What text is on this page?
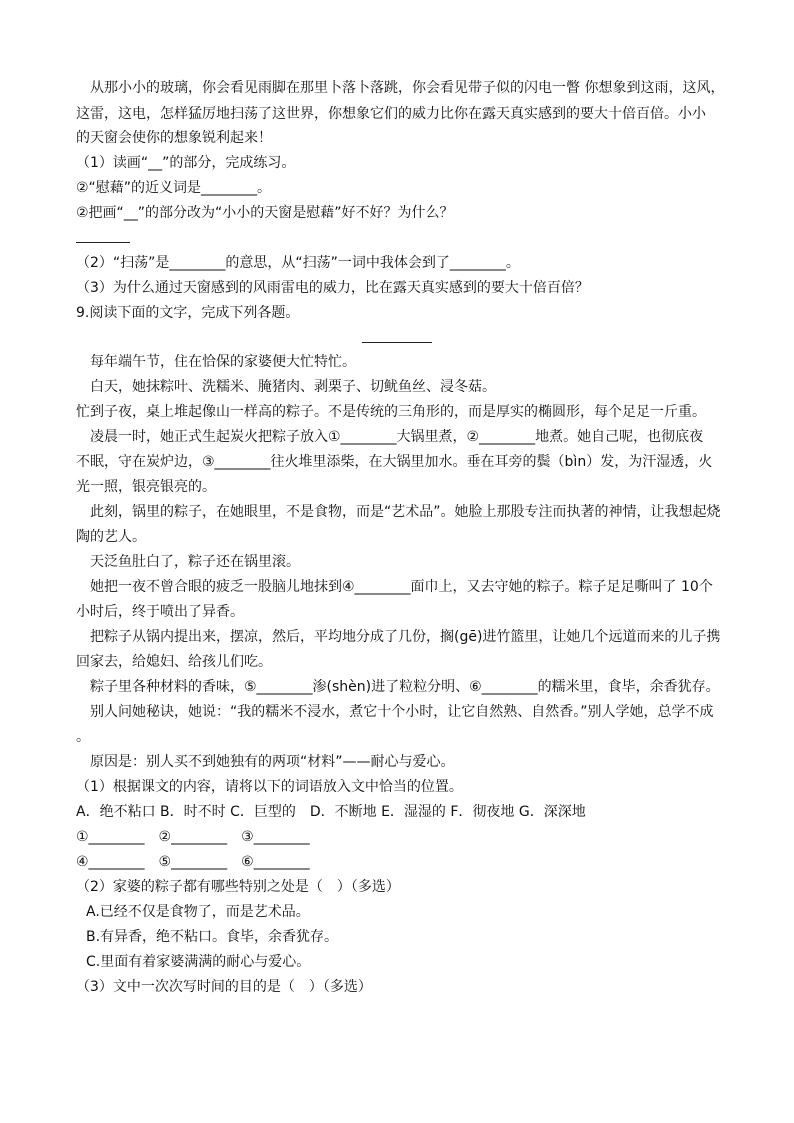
从那小小的玻璃，你会看见雨脚在那里卜落卜落跳，你会看见带子似的闪电一瞥 你想象到这雨，这风，
这雷，这电，怎样猛厉地扫荡了这世界，你想象它们的威力比你在露天真实感到的要大十倍百倍。小小
的天窗会使你的想象锐利起来！
（1）读画“__”的部分，完成练习。
②“慰藉”的近义词是________。
②把画“__”的部分改为“小小的天窗是慰藉”好不好？为什么？
（2）“扫荡”是________的意思，从“扫荡”一词中我体会到了________。
（3）为什么通过天窗感到的风雨雷电的威力，比在露天真实感到的要大十倍百倍？
9.阅读下面的文字，完成下列各题。
每年端午节，住在恰保的家婆便大忙特忙。
白天，她抹粽叶、洗糯米、腌猪肉、剥栗子、切鱿鱼丝、浸冬菇。
忙到子夜，桌上堆起像山一样高的粽子。不是传统的三角形的，而是厚实的椭圆形，每个足足一斤重。
凌晨一时，她正式生起炭火把粽子放入①________大锅里煮，②________地煮。她自己呢，也彻底夜
不眠，守在炭炉边，③________往火堆里添柴，在大锅里加水。垂在耳旁的鬓（bìn）发，为汗湿透，火
光一照，银亮银亮的。
此刻，锅里的粽子，在她眼里，不是食物，而是“艺术品”。她脸上那股专注而执著的神情，让我想起烧
陶的艺人。
天泛鱼肚白了，粽子还在锅里滚。
她把一夜不曾合眼的疲乏一股脑儿地抹到④________面巾上，又去守她的粽子。粽子足足嘶叫了 10个
小时后，终于喷出了异香。
把粽子从锅内提出来，摆凉，然后，平均地分成了几份，搁(gē)进竹篮里，让她几个远道而来的儿子携
回家去，给媳妇、给孩儿们吃。
粽子里各种材料的香味，⑤________渗(shèn)进了粒粒分明、⑥________的糯米里，食毕，余香犹存。
别人问她秘诀，她说：“我的糯米不浸水，煮它十个小时，让它自然熟、自然香。”别人学她，总学不成
。
原因是：别人买不到她独有的两项“材料”——耐心与爱心。
（1）根据课文的内容，请将以下的词语放入文中恰当的位置。
A．绝不粘口 B．时不时 C．巨型的　D．不断地 E．湿湿的 F．彻夜地 G．深深地
①________　②________　③________
④________　⑤________　⑥________
（2）家婆的粽子都有哪些特别之处是（　）（多选）
A.已经不仅是食物了，而是艺术品。
B.有异香，绝不粘口。食毕，余香犹存。
C.里面有着家婆满满的耐心与爱心。
（3）文中一次次写时间的目的是（　）（多选）
